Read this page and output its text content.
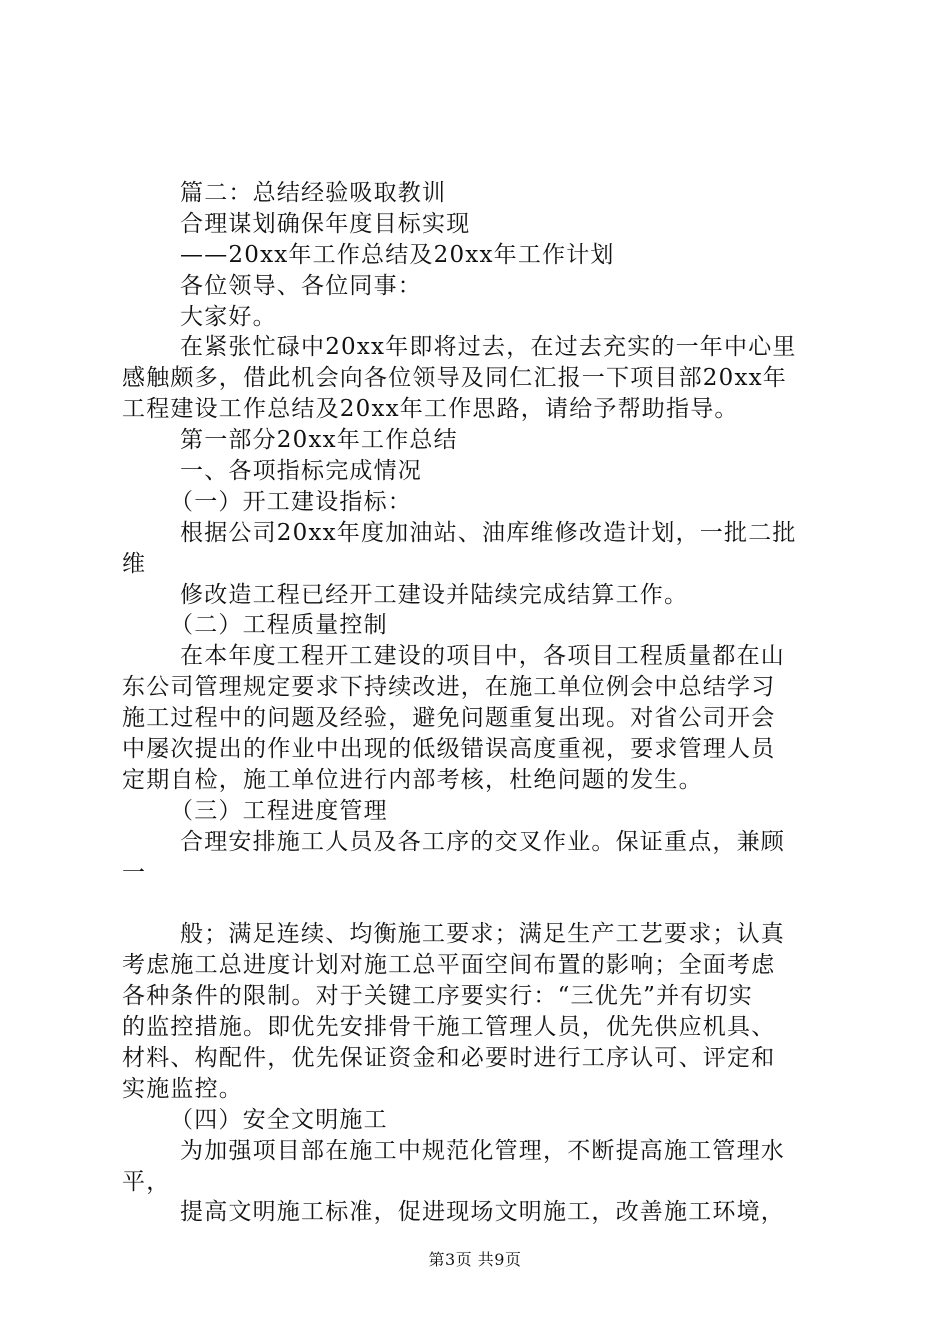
篇二：总结经验吸取教训
合理谋划确保年度目标实现
——20xx年工作总结及20xx年工作计划
各位领导、各位同事：
大家好。
在紧张忙碌中20xx年即将过去，在过去充实的一年中心里
感触颇多，借此机会向各位领导及同仁汇报一下项目部20xx年
工程建设工作总结及20xx年工作思路，请给予帮助指导。
第一部分20xx年工作总结
一、各项指标完成情况
（一）开工建设指标：
根据公司20xx年度加油站、油库维修改造计划，一批二批
维
修改造工程已经开工建设并陆续完成结算工作。
（二）工程质量控制
在本年度工程开工建设的项目中，各项目工程质量都在山
东公司管理规定要求下持续改进，在施工单位例会中总结学习
施工过程中的问题及经验，避免问题重复出现。对省公司开会
中屡次提出的作业中出现的低级错误高度重视，要求管理人员
定期自检，施工单位进行内部考核，杜绝问题的发生。
（三）工程进度管理
合理安排施工人员及各工序的交叉作业。保证重点，兼顾
一
般；满足连续、均衡施工要求；满足生产工艺要求；认真
考虑施工总进度计划对施工总平面空间布置的影响；全面考虑
各种条件的限制。对于关键工序要实行：“三优先”并有切实
的监控措施。即优先安排骨干施工管理人员，优先供应机具、
材料、构配件，优先保证资金和必要时进行工序认可、评定和
实施监控。
（四）安全文明施工
为加强项目部在施工中规范化管理，不断提高施工管理水
平，
提高文明施工标准，促进现场文明施工，改善施工环境，
第3页 共9页
